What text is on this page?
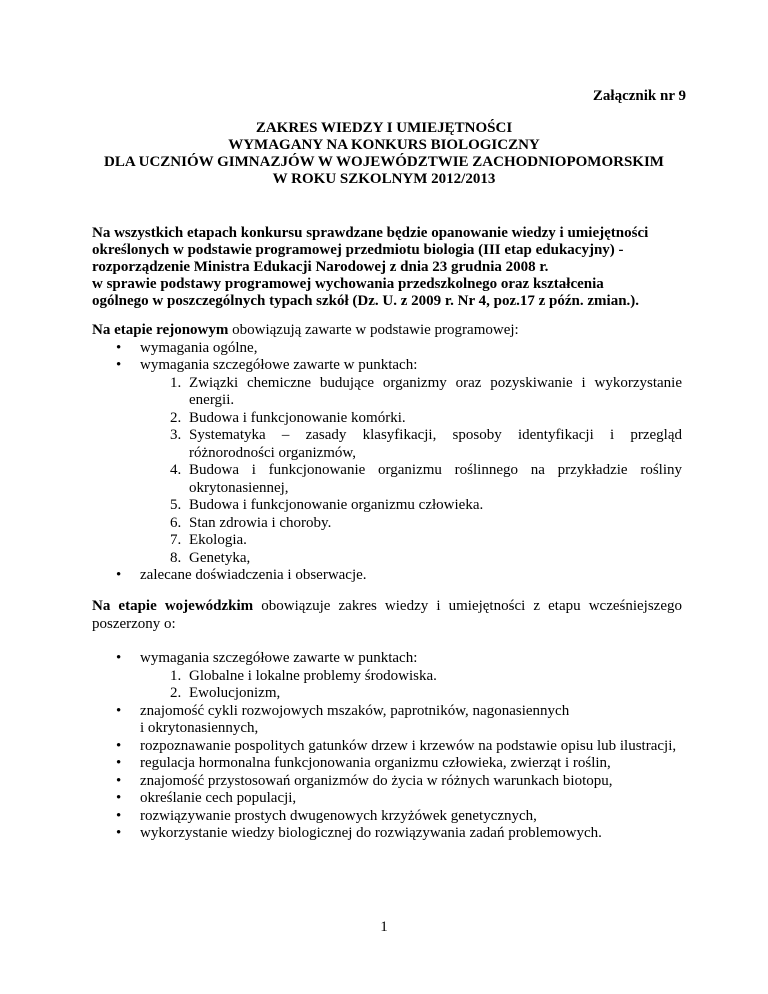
Załącznik nr 9
ZAKRES WIEDZY I UMIEJĘTNOŚCI
WYMAGANY NA KONKURS BIOLOGICZNY
DLA UCZNIÓW GIMNAZJÓW W WOJEWÓDZTWIE ZACHODNIOPOMORSKIM
W ROKU SZKOLNYM 2012/2013
Na wszystkich etapach konkursu sprawdzane będzie opanowanie wiedzy i umiejętności
określonych w podstawie programowej przedmiotu biologia (III etap edukacyjny) -
rozporządzenie Ministra Edukacji Narodowej z dnia 23 grudnia 2008 r.
w sprawie podstawy programowej wychowania przedszkolnego oraz kształcenia
ogólnego w poszczególnych typach szkół (Dz. U. z 2009 r. Nr 4, poz.17 z późn. zmian.).

Na etapie rejonowym obowiązują zawarte w podstawie programowej:

• wymagania ogólne,
• wymagania szczegółowe zawarte w punktach:
1. Związki chemiczne budujące organizmy oraz pozyskiwanie i wykorzystanie energii.
2. Budowa i funkcjonowanie komórki.
3. Systematyka – zasady klasyfikacji, sposoby identyfikacji i przegląd różnorodności organizmów,
4. Budowa i funkcjonowanie organizmu roślinnego na przykładzie rośliny okrytonasiennej,
5. Budowa i funkcjonowanie organizmu człowieka.
6. Stan zdrowia i choroby.
7. Ekologia.
8. Genetyka,
• zalecane doświadczenia i obserwacje.

Na etapie wojewódzkim obowiązuje zakres wiedzy i umiejętności z etapu wcześniejszego poszerzony o:

• wymagania szczegółowe zawarte w punktach:
1. Globalne i lokalne problemy środowiska.
2. Ewolucjonizm,
• znajomość cykli rozwojowych mszaków, paprotników, nagonasiennych
i okrytonasiennych,
• rozpoznawanie pospolitych gatunków drzew i krzewów na podstawie opisu lub ilustracji,
• regulacja hormonalna funkcjonowania organizmu człowieka, zwierząt i roślin,
• znajomość przystosowań organizmów do życia w różnych warunkach biotopu,
• określanie cech populacji,
• rozwiązywanie prostych dwugenowych krzyżówek genetycznych,
• wykorzystanie wiedzy biologicznej do rozwiązywania zadań problemowych.
1
